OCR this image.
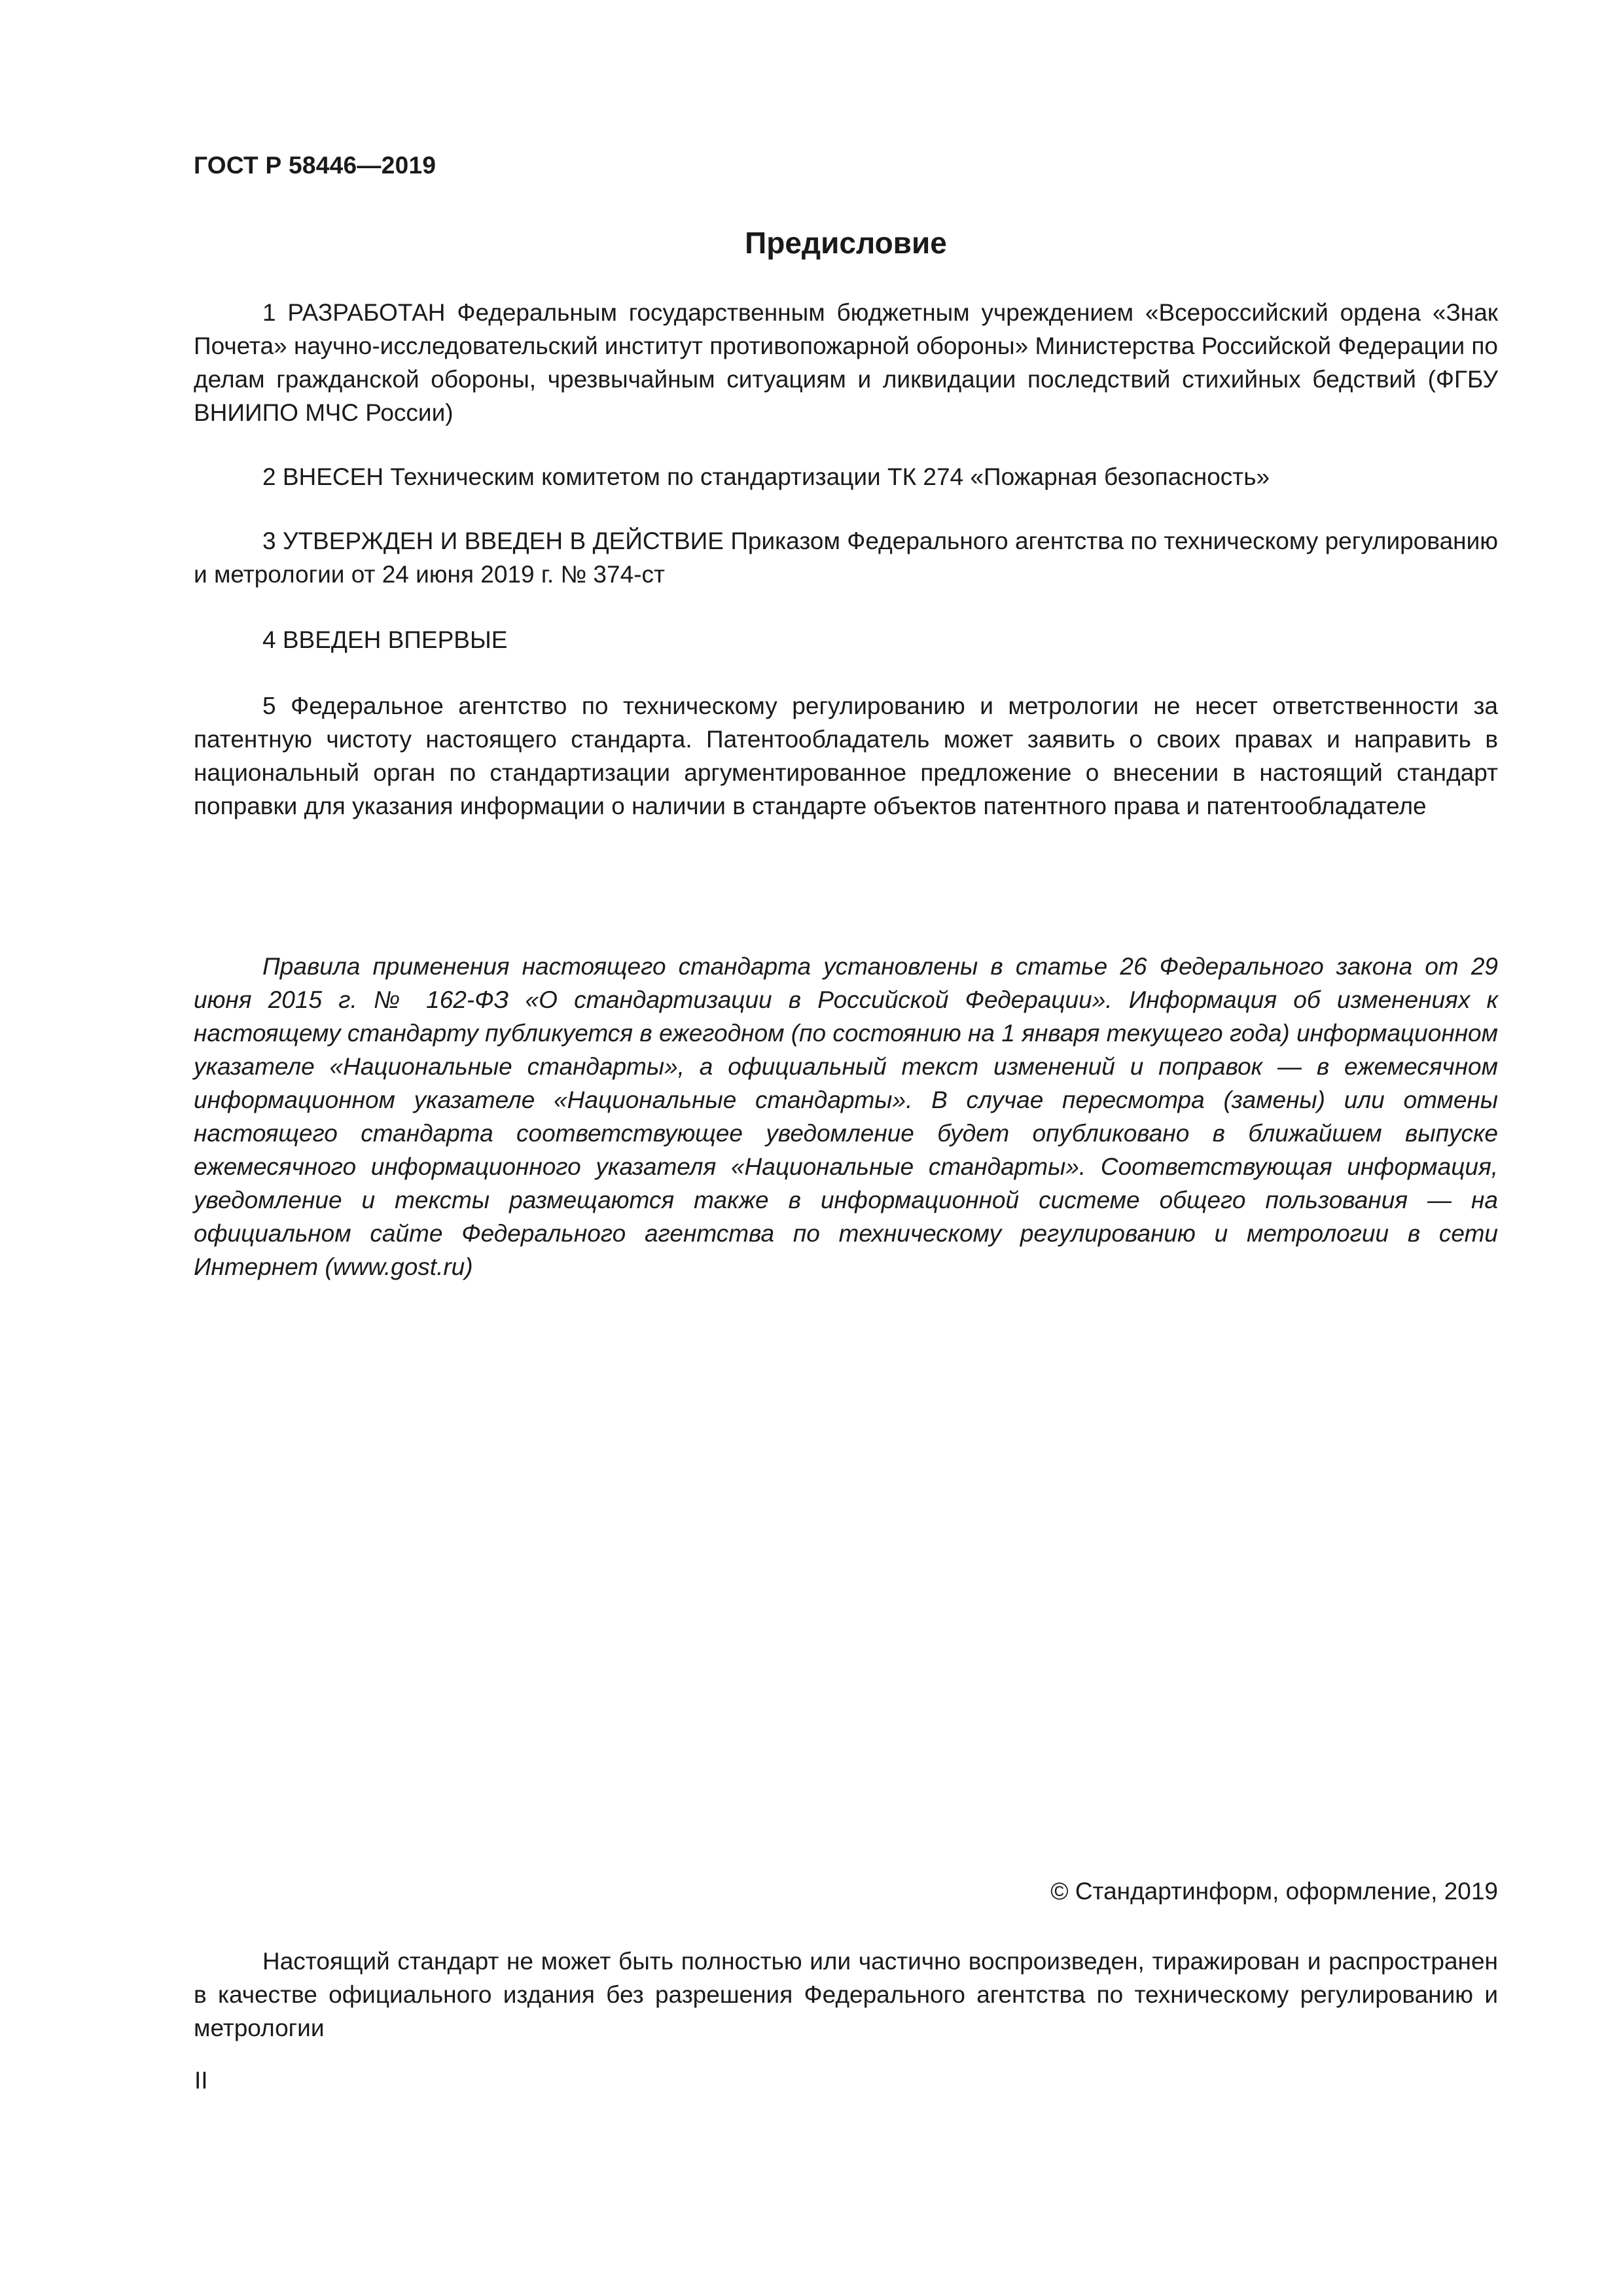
ГОСТ Р 58446—2019
Предисловие

1 РАЗРАБОТАН Федеральным государственным бюджетным учреждением «Всероссийский ордена «Знак Почета» научно-исследовательский институт противопожарной обороны» Министерства Российской Федерации по делам гражданской обороны, чрезвычайным ситуациям и ликвидации последствий стихийных бедствий (ФГБУ ВНИИПО МЧС России)

2 ВНЕСЕН Техническим комитетом по стандартизации ТК 274 «Пожарная безопасность»

3 УТВЕРЖДЕН И ВВЕДЕН В ДЕЙСТВИЕ Приказом Федерального агентства по техническому регулированию и метрологии от 24 июня 2019 г. № 374-ст

4 ВВЕДЕН ВПЕРВЫЕ

5 Федеральное агентство по техническому регулированию и метрологии не несет ответственности за патентную чистоту настоящего стандарта. Патентообладатель может заявить о своих правах и направить в национальный орган по стандартизации аргументированное предложение о внесении в настоящий стандарт поправки для указания информации о наличии в стандарте объектов патентного права и патентообладателе

Правила применения настоящего стандарта установлены в статье 26 Федерального закона от 29 июня 2015 г. № 162-ФЗ «О стандартизации в Российской Федерации». Информация об изменениях к настоящему стандарту публикуется в ежегодном (по состоянию на 1 января текущего года) информационном указателе «Национальные стандарты», а официальный текст изменений и поправок — в ежемесячном информационном указателе «Национальные стандарты». В случае пересмотра (замены) или отмены настоящего стандарта соответствующее уведомление будет опубликовано в ближайшем выпуске ежемесячного информационного указателя «Национальные стандарты». Соответствующая информация, уведомление и тексты размещаются также в информационной системе общего пользования — на официальном сайте Федерального агентства по техническому регулированию и метрологии в сети Интернет (www.gost.ru)

© Стандартинформ, оформление, 2019

Настоящий стандарт не может быть полностью или частично воспроизведен, тиражирован и распространен в качестве официального издания без разрешения Федерального агентства по техническому регулированию и метрологии

II
